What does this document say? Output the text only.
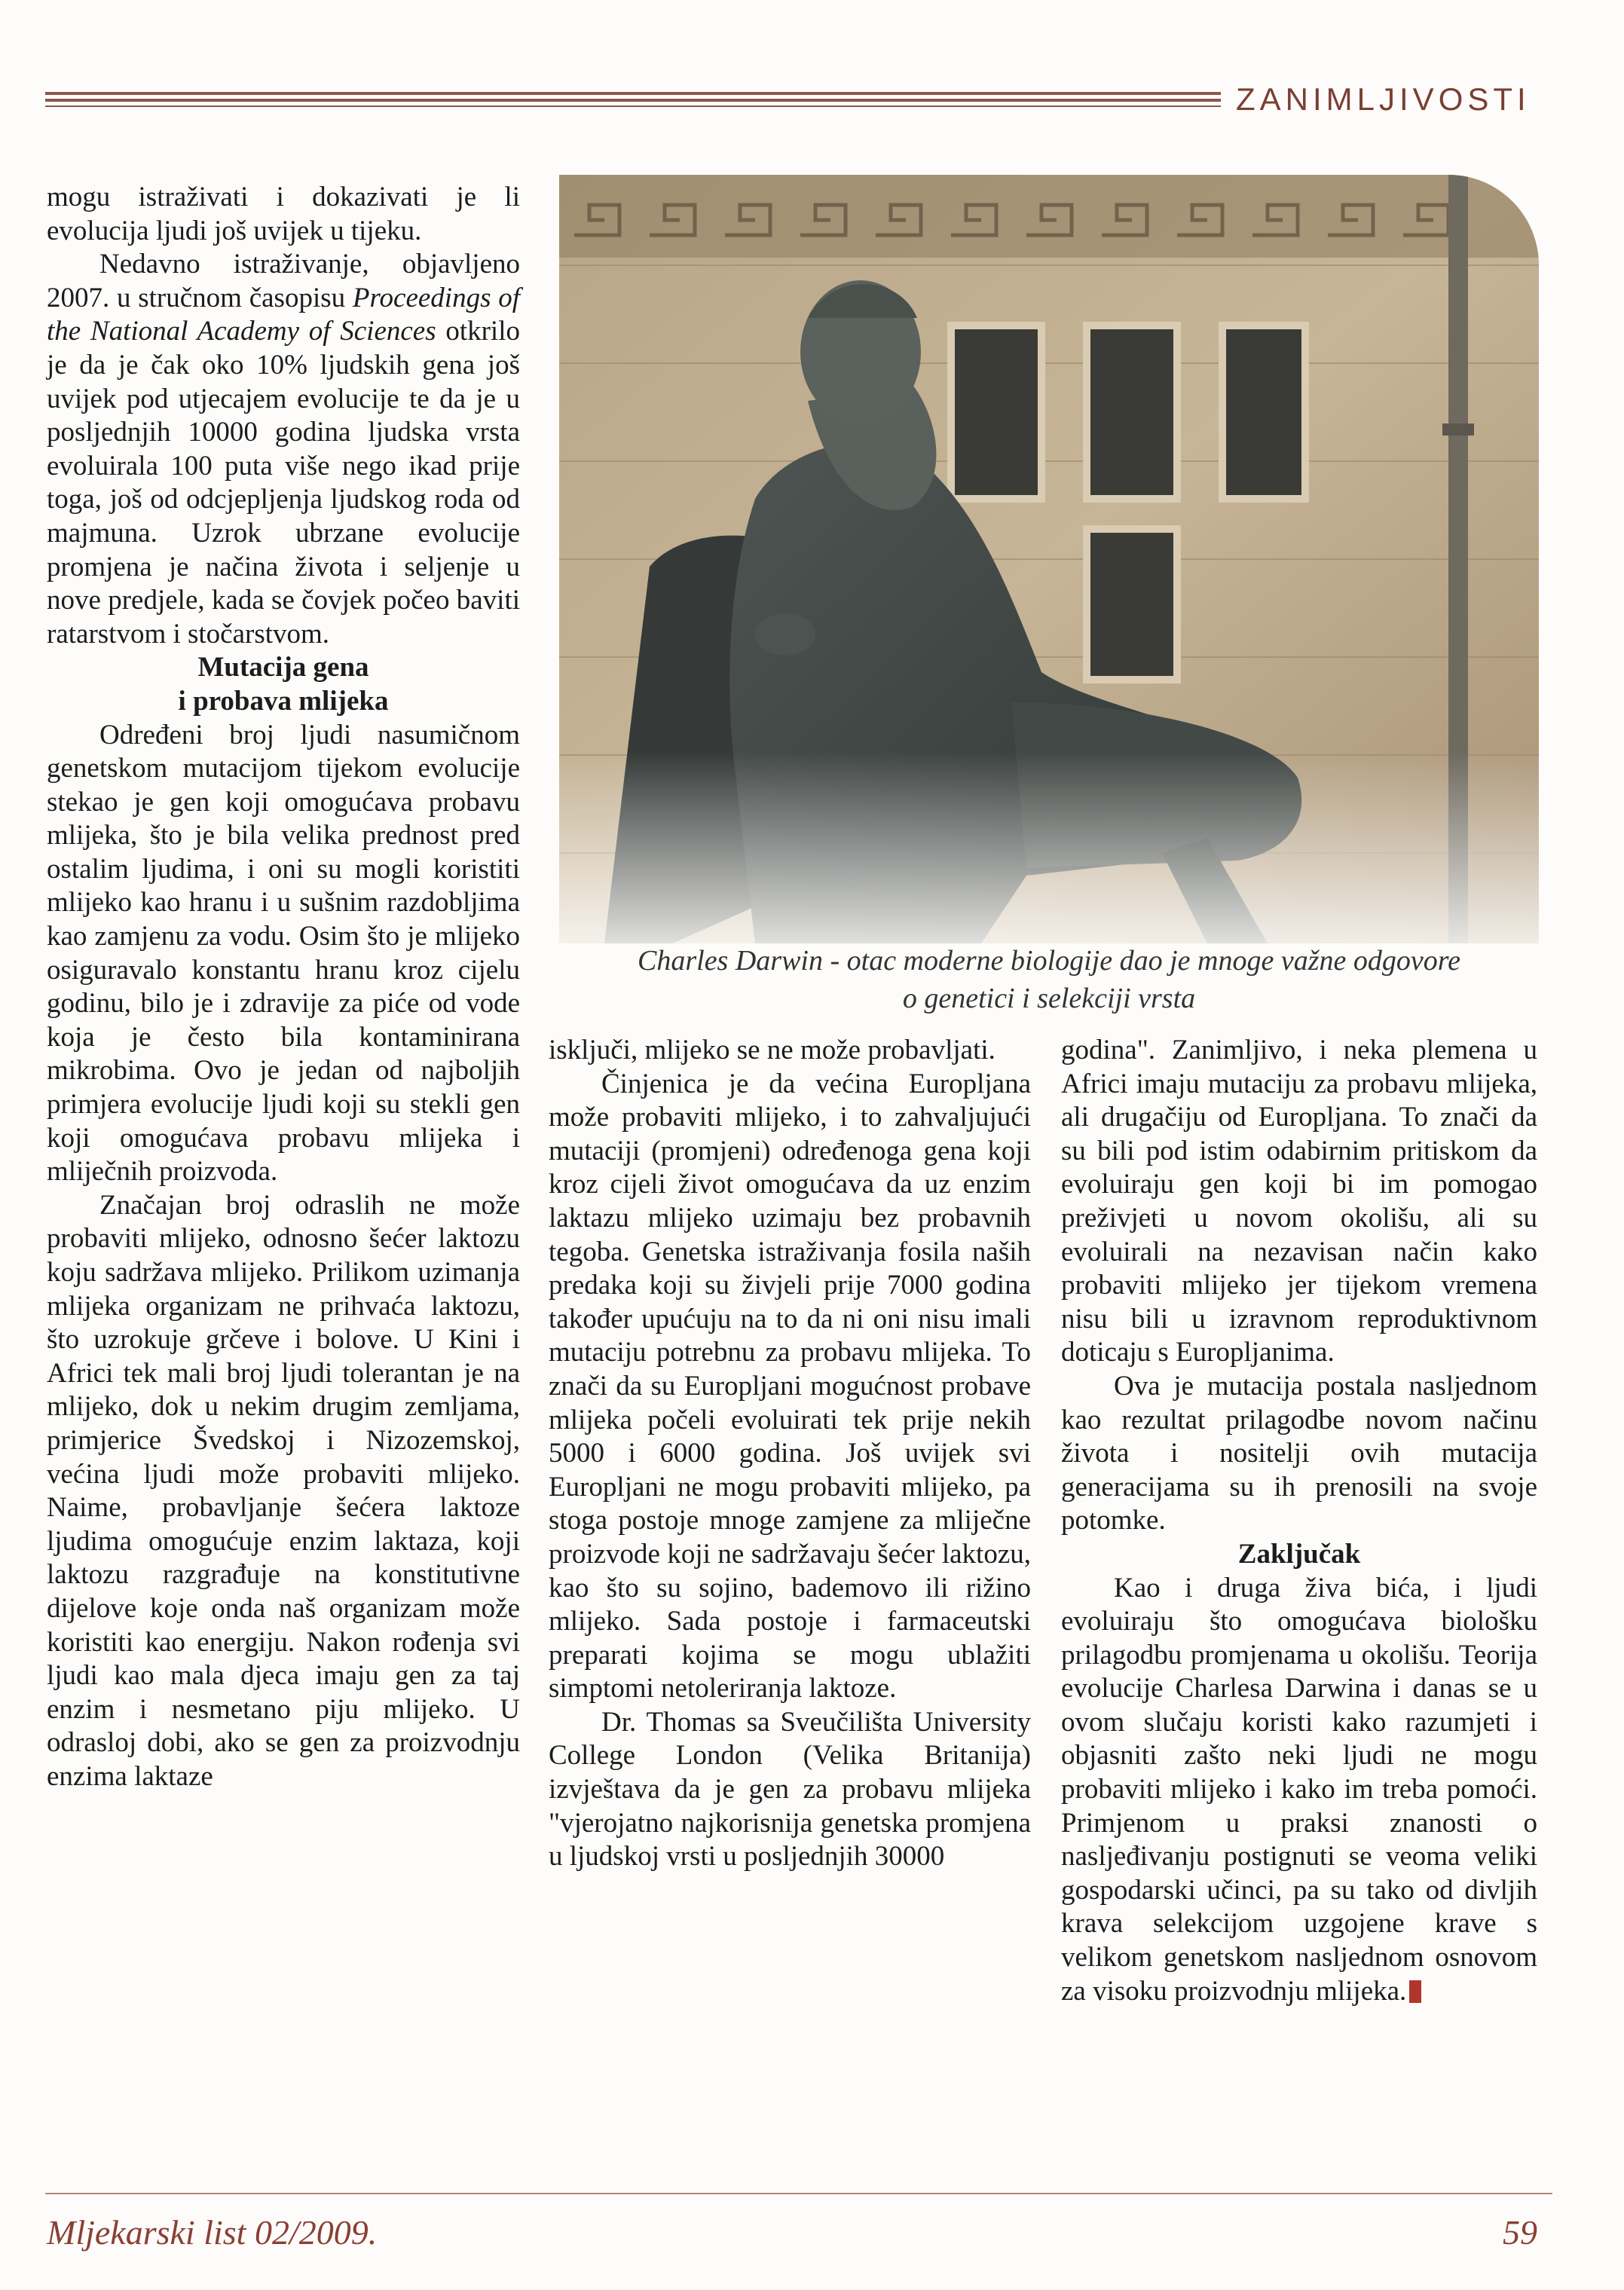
ZANIMLJIVOSTI

mogu istraživati i dokazivati je li evolucija ljudi još uvijek u tijeku.

Nedavno istraživanje, objavljeno 2007. u stručnom časopisu Proceedings of the National Academy of Sciences otkrilo je da je čak oko 10% ljudskih gena još uvijek pod utjecajem evolucije te da je u posljednjih 10000 godina ljudska vrsta evoluirala 100 puta više nego ikad prije toga, još od odcjepljenja ljudskog roda od majmuna. Uzrok ubrzane evolucije promjena je načina života i seljenje u nove predjele, kada se čovjek počeo baviti ratarstvom i stočarstvom.

Mutacija gena
i probava mlijeka

Određeni broj ljudi nasumičnom genetskom mutacijom tijekom evolucije stekao je gen koji omogućava probavu mlijeka, što je bila velika prednost pred ostalim ljudima, i oni su mogli koristiti mlijeko kao hranu i u sušnim razdobljima kao zamjenu za vodu. Osim što je mlijeko osiguravalo konstantu hranu kroz cijelu godinu, bilo je i zdravije za piće od vode koja je često bila kontaminirana mikrobima. Ovo je jedan od najboljih primjera evolucije ljudi koji su stekli gen koji omogućava probavu mlijeka i mliječnih proizvoda.

Značajan broj odraslih ne može probaviti mlijeko, odnosno šećer laktozu koju sadržava mlijeko. Prilikom uzimanja mlijeka organizam ne prihvaća laktozu, što uzrokuje grčeve i bolove. U Kini i Africi tek mali broj ljudi tolerantan je na mlijeko, dok u nekim drugim zemljama, primjerice Švedskoj i Nizozemskoj, većina ljudi može probaviti mlijeko. Naime, probavljanje šećera laktoze ljudima omogućuje enzim laktaza, koji laktozu razgrađuje na konstitutivne dijelove koje onda naš organizam može koristiti kao energiju. Nakon rođenja svi ljudi kao mala djeca imaju gen za taj enzim i nesmetano piju mlijeko. U odrasloj dobi, ako se gen za proizvodnju enzima laktaze

Charles Darwin - otac moderne biologije dao je mnoge važne odgovore
o genetici i selekciji vrsta

isključi, mlijeko se ne može probavljati.

Činjenica je da većina Europljana može probaviti mlijeko, i to zahvaljujući mutaciji (promjeni) određenoga gena koji kroz cijeli život omogućava da uz enzim laktazu mlijeko uzimaju bez probavnih tegoba. Genetska istraživanja fosila naših predaka koji su živjeli prije 7000 godina također upućuju na to da ni oni nisu imali mutaciju potrebnu za probavu mlijeka. To znači da su Europljani mogućnost probave mlijeka počeli evoluirati tek prije nekih 5000 i 6000 godina. Još uvijek svi Europljani ne mogu probaviti mlijeko, pa stoga postoje mnoge zamjene za mliječne proizvode koji ne sadržavaju šećer laktozu, kao što su sojino, bademovo ili rižino mlijeko. Sada postoje i farmaceutski preparati kojima se mogu ublažiti simptomi netoleriranja laktoze.

Dr. Thomas sa Sveučilišta University College London (Velika Britanija) izvještava da je gen za probavu mlijeka "vjerojatno najkorisnija genetska promjena u ljudskoj vrsti u posljednjih 30000

godina". Zanimljivo, i neka plemena u Africi imaju mutaciju za probavu mlijeka, ali drugačiju od Europljana. To znači da su bili pod istim odabirnim pritiskom da evoluiraju gen koji bi im pomogao preživjeti u novom okolišu, ali su evoluirali na nezavisan način kako probaviti mlijeko jer tijekom vremena nisu bili u izravnom reproduktivnom doticaju s Europljanima.

Ova je mutacija postala nasljednom kao rezultat prilagodbe novom načinu života i nositelji ovih mutacija generacijama su ih prenosili na svoje potomke.

Zaključak

Kao i druga živa bića, i ljudi evoluiraju što omogućava biološku prilagodbu promjenama u okolišu. Teorija evolucije Charlesa Darwina i danas se u ovom slučaju koristi kako razumjeti i objasniti zašto neki ljudi ne mogu probaviti mlijeko i kako im treba pomoći. Primjenom u praksi znanosti o nasljeđivanju postignuti se veoma veliki gospodarski učinci, pa su tako od divljih krava selekcijom uzgojene krave s velikom genetskom nasljednom osnovom za visoku proizvodnju mlijeka.

Mljekarski list 02/2009.	59
